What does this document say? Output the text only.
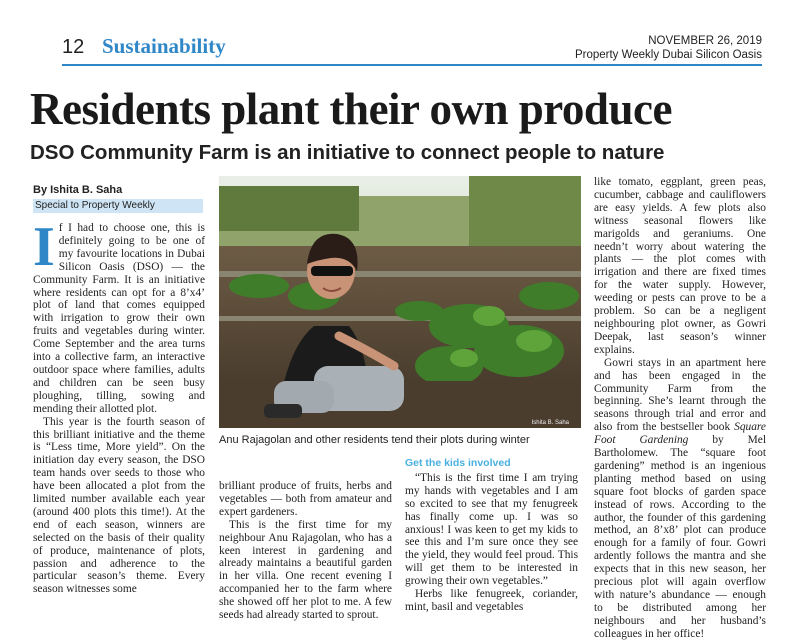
12 Sustainability	NOVEMBER 26, 2019
Property Weekly Dubai Silicon Oasis
Residents plant their own produce
DSO Community Farm is an initiative to connect people to nature
By Ishita B. Saha
Special to Property Weekly

If I had to choose one, this is definitely going to be one of my favourite locations in Dubai Silicon Oasis (DSO) — the Community Farm. It is an initiative where residents can opt for a 8’x4’ plot of land that comes equipped with irrigation to grow their own fruits and vegetables during winter. Come September and the area turns into a collective farm, an interactive outdoor space where families, adults and children can be seen busy ploughing, tilling, sowing and mending their allotted plot.

This year is the fourth season of this brilliant initiative and the theme is “Less time, More yield”. On the initiation day every season, the DSO team hands over seeds to those who have been allocated a plot from the limited number available each year (around 400 plots this time!). At the end of each season, winners are selected on the basis of their quality of produce, maintenance of plots, passion and adherence to the particular season’s theme. Every season witnesses some

Ishita B. Saha
Anu Rajagolan and other residents tend their plots during winter

brilliant produce of fruits, herbs and vegetables — both from amateur and expert gardeners.

This is the first time for my neighbour Anu Rajagolan, who has a keen interest in gardening and already maintains a beautiful garden in her villa. One recent evening I accompanied her to the farm where she showed off her plot to me. A few seeds had already started to sprout.

Get the kids involved

“This is the first time I am trying my hands with vegetables and I am so excited to see that my fenugreek has finally come up. I was so anxious! I was keen to get my kids to see this and I’m sure once they see the yield, they would feel proud. This will get them to be interested in growing their own vegetables.”

Herbs like fenugreek, coriander, mint, basil and vegetables

like tomato, eggplant, green peas, cucumber, cabbage and cauliflowers are easy yields. A few plots also witness seasonal flowers like marigolds and geraniums. One needn’t worry about watering the plants — the plot comes with irrigation and there are fixed times for the water supply. However, weeding or pests can prove to be a problem. So can be a negligent neighbouring plot owner, as Gowri Deepak, last season’s winner explains.

Gowri stays in an apartment here and has been engaged in the Community Farm from the beginning. She’s learnt through the seasons through trial and error and also from the bestseller book Square Foot Gardening by Mel Bartholomew. The “square foot gardening” method is an ingenious planting method based on using square foot blocks of garden space instead of rows. According to the author, the founder of this gardening method, an 8’x8’ plot can produce enough for a family of four. Gowri ardently follows the mantra and she expects that in this new season, her precious plot will again overflow with nature’s abundance — enough to be distributed among her neighbours and her husband’s colleagues in her office!
